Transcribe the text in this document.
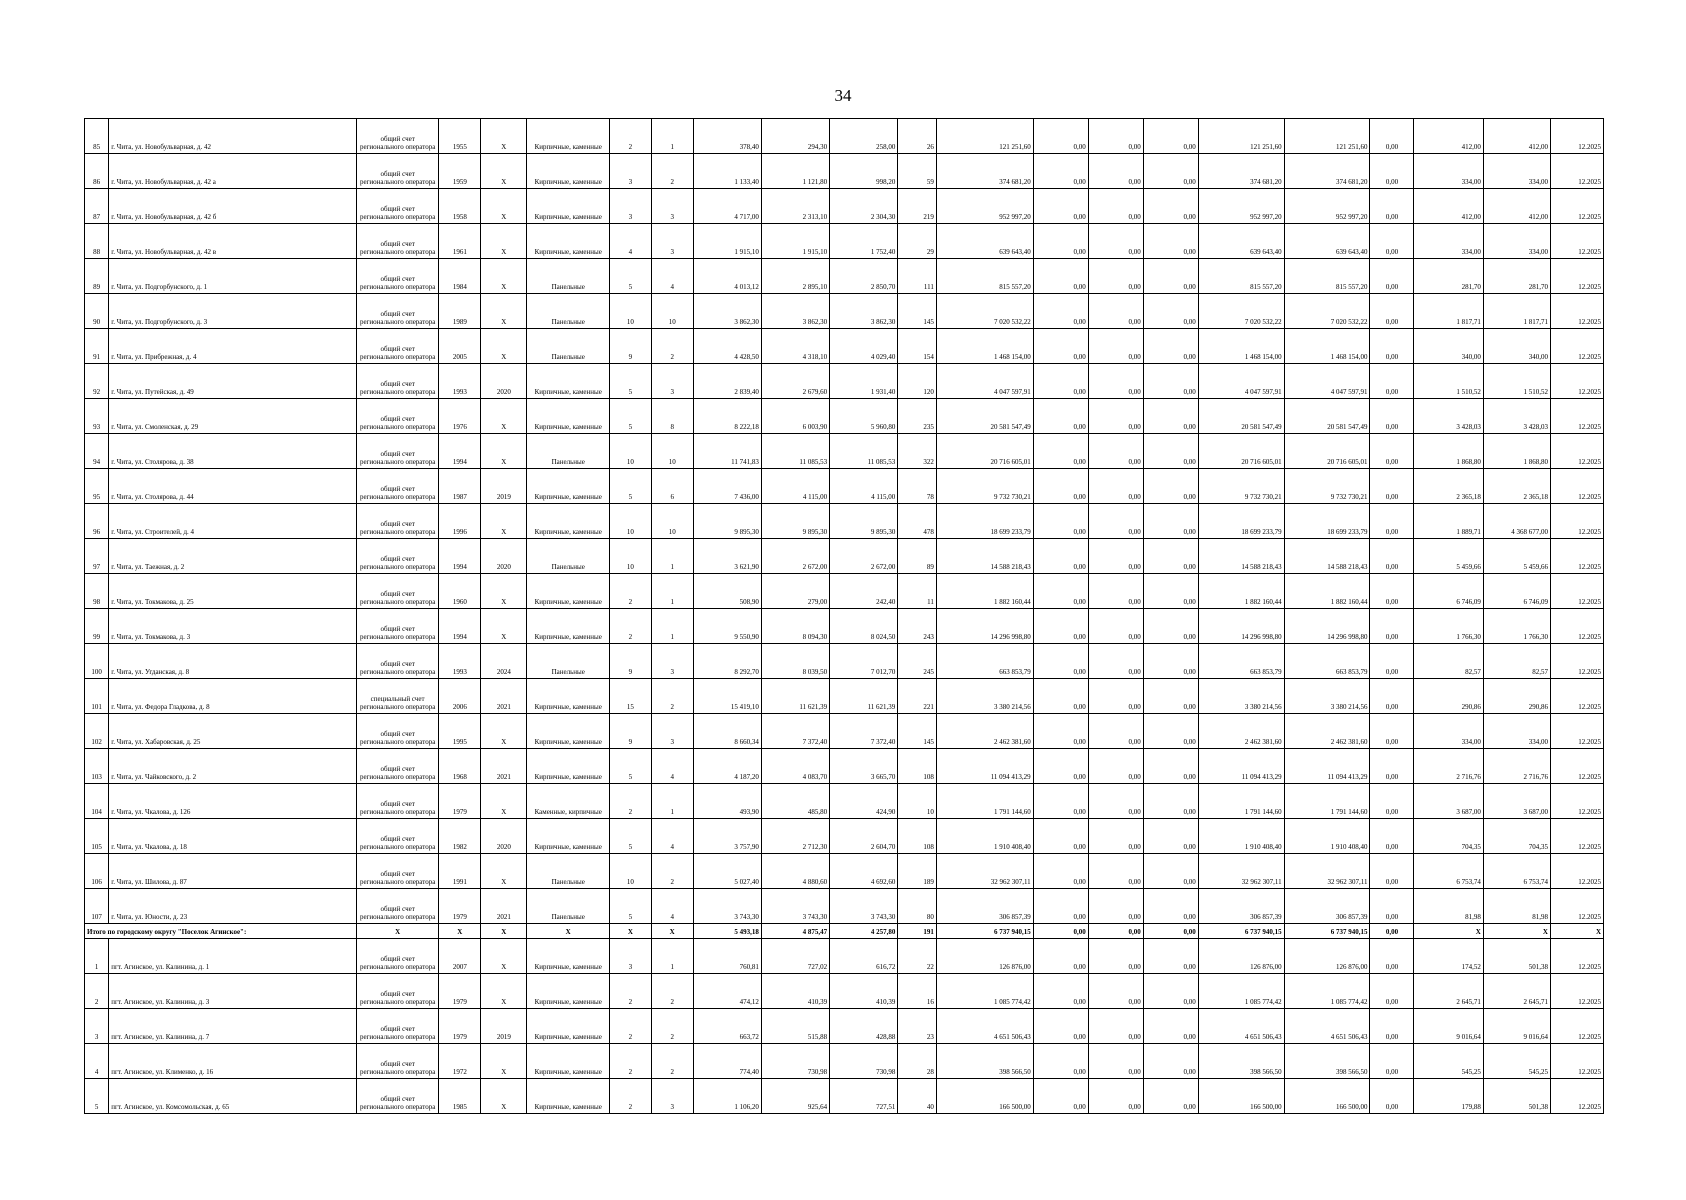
34
85	г. Чита, ул. Новобульварная, д. 42	общий счет регионального оператора	1955	X	Кирпичные, каменные	2	1	378,40	294,30	258,00	26	121 251,60	0,00	0,00	0,00	121 251,60	121 251,60	0,00	412,00	412,00	12.2025
86	г. Чита, ул. Новобульварная, д. 42 а	общий счет регионального оператора	1959	X	Кирпичные, каменные	3	2	1 133,40	1 121,80	998,20	59	374 681,20	0,00	0,00	0,00	374 681,20	374 681,20	0,00	334,00	334,00	12.2025
87	г. Чита, ул. Новобульварная, д. 42 б	общий счет регионального оператора	1958	X	Кирпичные, каменные	3	3	4 717,00	2 313,10	2 304,30	219	952 997,20	0,00	0,00	0,00	952 997,20	952 997,20	0,00	412,00	412,00	12.2025
88	г. Чита, ул. Новобульварная, д. 42 в	общий счет регионального оператора	1961	X	Кирпичные, каменные	4	3	1 915,10	1 915,10	1 752,40	29	639 643,40	0,00	0,00	0,00	639 643,40	639 643,40	0,00	334,00	334,00	12.2025
89	г. Чита, ул. Подгорбунского, д. 1	общий счет регионального оператора	1984	X	Панельные	5	4	4 013,12	2 895,10	2 850,70	111	815 557,20	0,00	0,00	0,00	815 557,20	815 557,20	0,00	281,70	281,70	12.2025
90	г. Чита, ул. Подгорбунского, д. 3	общий счет регионального оператора	1989	X	Панельные	10	10	3 862,30	3 862,30	3 862,30	145	7 020 532,22	0,00	0,00	0,00	7 020 532,22	7 020 532,22	0,00	1 817,71	1 817,71	12.2025
91	г. Чита, ул. Прибрежная, д. 4	общий счет регионального оператора	2005	X	Панельные	9	2	4 428,50	4 318,10	4 029,40	154	1 468 154,00	0,00	0,00	0,00	1 468 154,00	1 468 154,00	0,00	340,00	340,00	12.2025
92	г. Чита, ул. Путейская, д. 49	общий счет регионального оператора	1993	2020	Кирпичные, каменные	5	3	2 839,40	2 679,60	1 931,40	120	4 047 597,91	0,00	0,00	0,00	4 047 597,91	4 047 597,91	0,00	1 510,52	1 510,52	12.2025
93	г. Чита, ул. Смоленская, д. 29	общий счет регионального оператора	1976	X	Кирпичные, каменные	5	8	8 222,18	6 003,90	5 960,80	235	20 581 547,49	0,00	0,00	0,00	20 581 547,49	20 581 547,49	0,00	3 428,03	3 428,03	12.2025
94	г. Чита, ул. Столярова, д. 38	общий счет регионального оператора	1994	X	Панельные	10	10	11 741,83	11 085,53	11 085,53	322	20 716 605,01	0,00	0,00	0,00	20 716 605,01	20 716 605,01	0,00	1 868,80	1 868,80	12.2025
95	г. Чита, ул. Столярова, д. 44	общий счет регионального оператора	1987	2019	Кирпичные, каменные	5	6	7 436,00	4 115,00	4 115,00	78	9 732 730,21	0,00	0,00	0,00	9 732 730,21	9 732 730,21	0,00	2 365,18	2 365,18	12.2025
96	г. Чита, ул. Строителей, д. 4	общий счет регионального оператора	1996	X	Кирпичные, каменные	10	10	9 895,30	9 895,30	9 895,30	478	18 699 233,79	0,00	0,00	0,00	18 699 233,79	18 699 233,79	0,00	1 889,71	4 368 677,00	12.2025
97	г. Чита, ул. Таежная, д. 2	общий счет регионального оператора	1994	2020	Панельные	10	1	3 621,90	2 672,00	2 672,00	89	14 588 218,43	0,00	0,00	0,00	14 588 218,43	14 588 218,43	0,00	5 459,66	5 459,66	12.2025
98	г. Чита, ул. Токмакова, д. 25	общий счет регионального оператора	1960	X	Кирпичные, каменные	2	1	508,90	279,00	242,40	11	1 882 160,44	0,00	0,00	0,00	1 882 160,44	1 882 160,44	0,00	6 746,09	6 746,09	12.2025
99	г. Чита, ул. Токмакова, д. 3	общий счет регионального оператора	1994	X	Кирпичные, каменные	2	1	9 550,90	8 094,30	8 024,50	243	14 296 998,80	0,00	0,00	0,00	14 296 998,80	14 296 998,80	0,00	1 766,30	1 766,30	12.2025
100	г. Чита, ул. Угданская, д. 8	общий счет регионального оператора	1993	2024	Панельные	9	3	8 292,70	8 039,50	7 012,70	245	663 853,79	0,00	0,00	0,00	663 853,79	663 853,79	0,00	82,57	82,57	12.2025
101	г. Чита, ул. Федора Гладкова, д. 8	специальный счет регионального оператора	2006	2021	Кирпичные, каменные	15	2	15 419,10	11 621,39	11 621,39	221	3 380 214,56	0,00	0,00	0,00	3 380 214,56	3 380 214,56	0,00	290,86	290,86	12.2025
102	г. Чита, ул. Хабаровская, д. 25	общий счет регионального оператора	1995	X	Кирпичные, каменные	9	3	8 660,34	7 372,40	7 372,40	145	2 462 381,60	0,00	0,00	0,00	2 462 381,60	2 462 381,60	0,00	334,00	334,00	12.2025
103	г. Чита, ул. Чайковского, д. 2	общий счет регионального оператора	1968	2021	Кирпичные, каменные	5	4	4 187,20	4 083,70	3 665,70	108	11 094 413,29	0,00	0,00	0,00	11 094 413,29	11 094 413,29	0,00	2 716,76	2 716,76	12.2025
104	г. Чита, ул. Чкалова, д. 126	общий счет регионального оператора	1979	X	Каменные, кирпичные	2	1	493,90	485,80	424,90	10	1 791 144,60	0,00	0,00	0,00	1 791 144,60	1 791 144,60	0,00	3 687,00	3 687,00	12.2025
105	г. Чита, ул. Чкалова, д. 18	общий счет регионального оператора	1982	2020	Кирпичные, каменные	5	4	3 757,90	2 712,30	2 604,70	108	1 910 408,40	0,00	0,00	0,00	1 910 408,40	1 910 408,40	0,00	704,35	704,35	12.2025
106	г. Чита, ул. Шилова, д. 87	общий счет регионального оператора	1991	X	Панельные	10	2	5 027,40	4 880,60	4 692,60	189	32 962 307,11	0,00	0,00	0,00	32 962 307,11	32 962 307,11	0,00	6 753,74	6 753,74	12.2025
107	г. Чита, ул. Юности, д. 23	общий счет регионального оператора	1979	2021	Панельные	5	4	3 743,30	3 743,30	3 743,30	80	306 857,39	0,00	0,00	0,00	306 857,39	306 857,39	0,00	81,98	81,98	12.2025
Итого по городскому округу "Поселок Агинское":		X	X	X	X	X	X	5 493,18	4 875,47	4 257,80	191	6 737 940,15	0,00	0,00	0,00	6 737 940,15	6 737 940,15	0,00	X	X	X
1	пгт. Агинское, ул. Калинина, д. 1	общий счет регионального оператора	2007	X	Кирпичные, каменные	3	1	760,81	727,02	616,72	22	126 876,00	0,00	0,00	0,00	126 876,00	126 876,00	0,00	174,52	501,38	12.2025
2	пгт. Агинское, ул. Калинина, д. 3	общий счет регионального оператора	1979	X	Кирпичные, каменные	2	2	474,12	410,39	410,39	16	1 085 774,42	0,00	0,00	0,00	1 085 774,42	1 085 774,42	0,00	2 645,71	2 645,71	12.2025
3	пгт. Агинское, ул. Калинина, д. 7	общий счет регионального оператора	1979	2019	Кирпичные, каменные	2	2	663,72	515,88	428,88	23	4 651 506,43	0,00	0,00	0,00	4 651 506,43	4 651 506,43	0,00	9 016,64	9 016,64	12.2025
4	пгт. Агинское, ул. Клименко, д. 16	общий счет регионального оператора	1972	X	Кирпичные, каменные	2	2	774,40	730,98	730,98	28	398 566,50	0,00	0,00	0,00	398 566,50	398 566,50	0,00	545,25	545,25	12.2025
5	пгт. Агинское, ул. Комсомольская, д. 65	общий счет регионального оператора	1985	X	Кирпичные, каменные	2	3	1 106,20	925,64	727,51	40	166 500,00	0,00	0,00	0,00	166 500,00	166 500,00	0,00	179,88	501,38	12.2025
